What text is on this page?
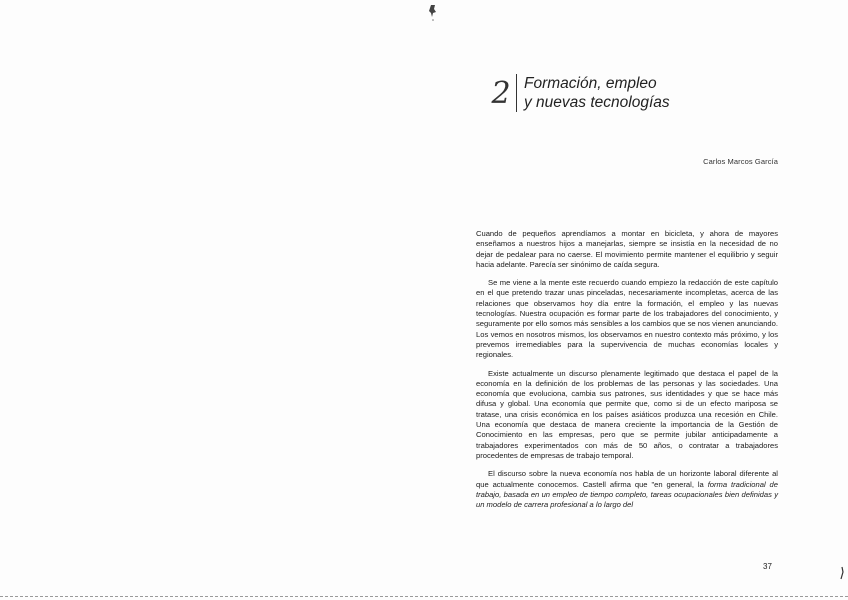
2 Formación, empleo
y nuevas tecnologías
Carlos Marcos García

Cuando de pequeños aprendíamos a montar en bicicleta, y ahora de mayores enseñamos a nuestros hijos a manejarlas, siempre se insistía en la necesidad de no dejar de pedalear para no caerse. El movimiento permite mantener el equilibrio y seguir hacia adelante. Parecía ser sinónimo de caída segura.

Se me viene a la mente este recuerdo cuando empiezo la redacción de este capítulo en el que pretendo trazar unas pinceladas, necesariamente incompletas, acerca de las relaciones que observamos hoy día entre la formación, el empleo y las nuevas tecnologías. Nuestra ocupación es formar parte de los trabajadores del conocimiento, y seguramente por ello somos más sensibles a los cambios que se nos vienen anunciando. Los vemos en nosotros mismos, los observamos en nuestro contexto más próximo, y los prevemos irremediables para la supervivencia de muchas economías locales y regionales.

Existe actualmente un discurso plenamente legitimado que destaca el papel de la economía en la definición de los problemas de las personas y las sociedades. Una economía que evoluciona, cambia sus patrones, sus identidades y que se hace más difusa y global. Una economía que permite que, como si de un efecto mariposa se tratase, una crisis económica en los países asiáticos produzca una recesión en Chile. Una economía que destaca de manera creciente la importancia de la Gestión de Conocimiento en las empresas, pero que se permite jubilar anticipadamente a trabajadores experimentados con más de 50 años, o contratar a trabajadores procedentes de empresas de trabajo temporal.

El discurso sobre la nueva economía nos habla de un horizonte laboral diferente al que actualmente conocemos. Castell afirma que "en general, la forma tradicional de trabajo, basada en un empleo de tiempo completo, tareas ocupacionales bien definidas y un modelo de carrera profesional a lo largo del

37
